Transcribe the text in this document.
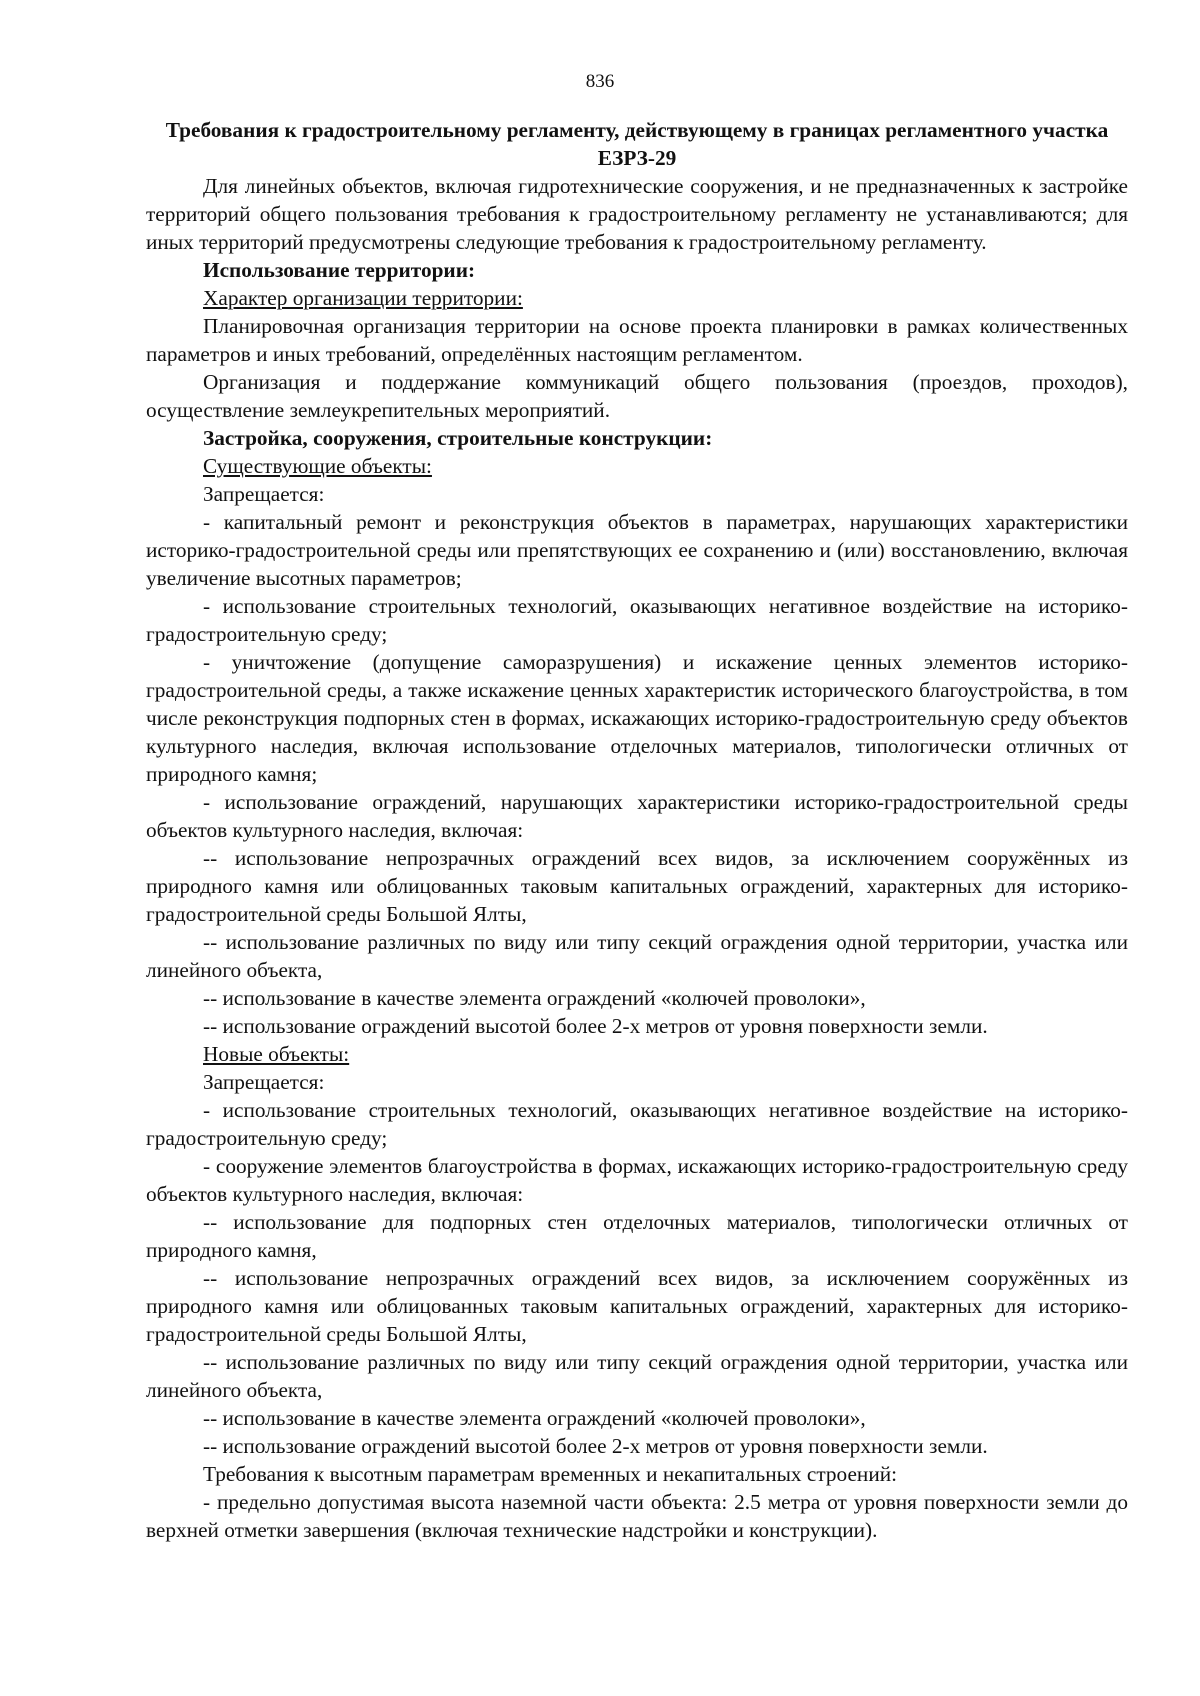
836
Требования к градостроительному регламенту, действующему в границах регламентного участка ЕЗРЗ-29
Для линейных объектов, включая гидротехнические сооружения, и не предназначенных к застройке территорий общего пользования требования к градостроительному регламенту не устанавливаются; для иных территорий предусмотрены следующие требования к градостроительному регламенту.
Использование территории:
Характер организации территории:
Планировочная организация территории на основе проекта планировки в рамках количественных параметров и иных требований, определённых настоящим регламентом.
Организация и поддержание коммуникаций общего пользования (проездов, проходов), осуществление землеукрепительных мероприятий.
Застройка, сооружения, строительные конструкции:
Существующие объекты:
Запрещается:
- капитальный ремонт и реконструкция объектов в параметрах, нарушающих характеристики историко-градостроительной среды или препятствующих ее сохранению и (или) восстановлению, включая увеличение высотных параметров;
- использование строительных технологий, оказывающих негативное воздействие на историко-градостроительную среду;
- уничтожение (допущение саморазрушения) и искажение ценных элементов историко-градостроительной среды, а также искажение ценных характеристик исторического благоустройства, в том числе реконструкция подпорных стен в формах, искажающих историко-градостроительную среду объектов культурного наследия, включая использование отделочных материалов, типологически отличных от природного камня;
- использование ограждений, нарушающих характеристики историко-градостроительной среды объектов культурного наследия, включая:
-- использование непрозрачных ограждений всех видов, за исключением сооружённых из природного камня или облицованных таковым капитальных ограждений, характерных для историко-градостроительной среды Большой Ялты,
-- использование различных по виду или типу секций ограждения одной территории, участка или линейного объекта,
-- использование в качестве элемента ограждений «колючей проволоки»,
-- использование ограждений высотой более 2-х метров от уровня поверхности земли.
Новые объекты:
Запрещается:
- использование строительных технологий, оказывающих негативное воздействие на историко-градостроительную среду;
- сооружение элементов благоустройства в формах, искажающих историко-градостроительную среду объектов культурного наследия, включая:
-- использование для подпорных стен отделочных материалов, типологически отличных от природного камня,
-- использование непрозрачных ограждений всех видов, за исключением сооружённых из природного камня или облицованных таковым капитальных ограждений, характерных для историко-градостроительной среды Большой Ялты,
-- использование различных по виду или типу секций ограждения одной территории, участка или линейного объекта,
-- использование в качестве элемента ограждений «колючей проволоки»,
-- использование ограждений высотой более 2-х метров от уровня поверхности земли.
Требования к высотным параметрам временных и некапитальных строений:
- предельно допустимая высота наземной части объекта: 2.5 метра от уровня поверхности земли до верхней отметки завершения (включая технические надстройки и конструкции).
